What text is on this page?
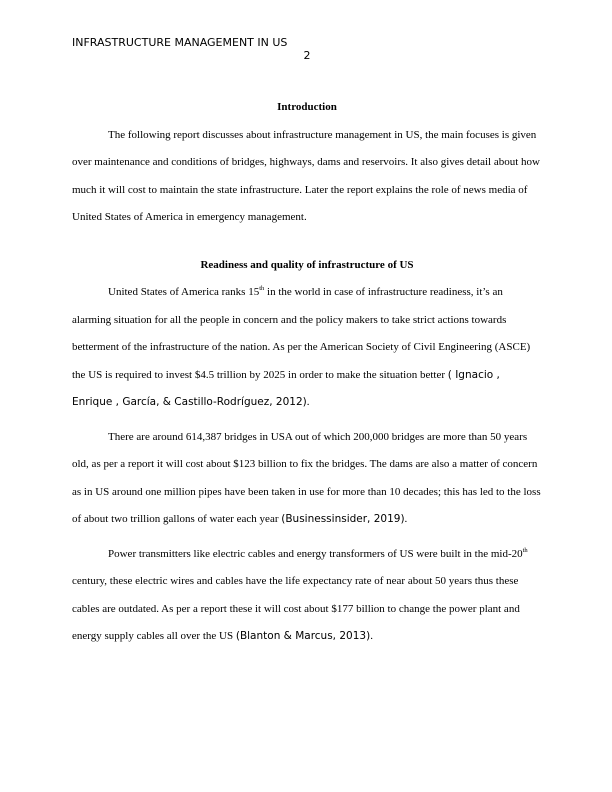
INFRASTRUCTURE MANAGEMENT IN US
2

Introduction

The following report discusses about infrastructure management in US, the main focuses is given over maintenance and conditions of bridges, highways, dams and reservoirs. It also gives detail about how much it will cost to maintain the state infrastructure. Later the report explains the role of news media of United States of America in emergency management.

Readiness and quality of infrastructure of US

United States of America ranks 15th in the world in case of infrastructure readiness, it’s an alarming situation for all the people in concern and the policy makers to take strict actions towards betterment of the infrastructure of the nation. As per the American Society of Civil Engineering (ASCE) the US is required to invest $4.5 trillion by 2025 in order to make the situation better ( Ignacio , Enrique , García, & Castillo-Rodríguez, 2012).

There are around 614,387 bridges in USA out of which 200,000 bridges are more than 50 years old, as per a report it will cost about $123 billion to fix the bridges. The dams are also a matter of concern as in US around one million pipes have been taken in use for more than 10 decades; this has led to the loss of about two trillion gallons of water each year (Businessinsider, 2019).

Power transmitters like electric cables and energy transformers of US were built in the mid-20th century, these electric wires and cables have the life expectancy rate of near about 50 years thus these cables are outdated. As per a report these it will cost about $177 billion to change the power plant and energy supply cables all over the US (Blanton & Marcus, 2013).
